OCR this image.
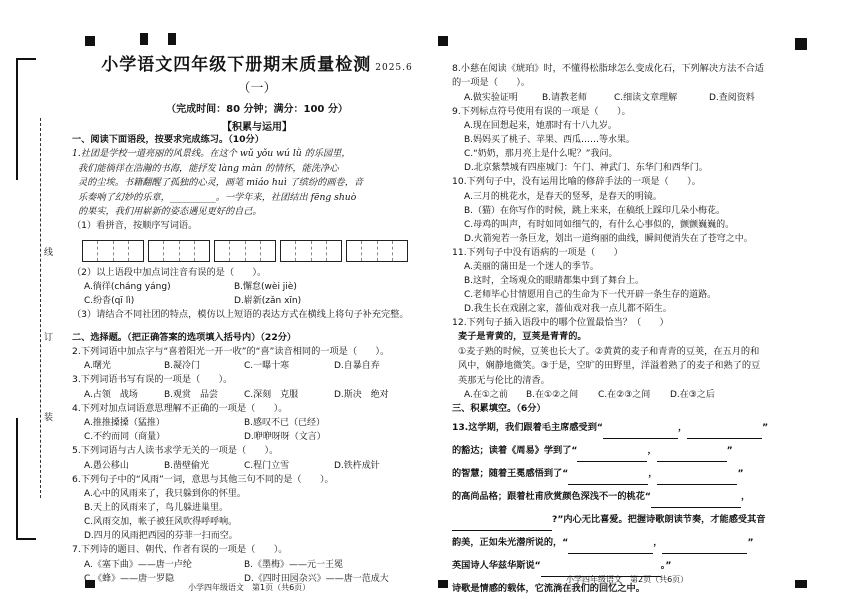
线
订
装
小学语文四年级下册期末质量检测 2025.6
（一）
（完成时间：80 分钟；满分：100 分）
【积累与运用】
一、阅读下面语段，按要求完成练习。（10分）
1.社团是学校一道亮丽的风景线。在这个 wǔ yǒu wú lǜ 的乐园里，
我们能徜徉在浩瀚的书海，能抒发 làng màn 的情怀，能洗净心
灵的尘埃。书籍翻醒了孤独的心灵，画笔 miáo huì 了缤纷的画卷，音
乐奏响了幻妙的乐章，__________。一学年来，社团结出 fēng shuò
的果实，我们用崭新的姿态遇见更好的自己。
（1）看拼音，按顺序写词语。
（2）以上语段中加点词注音有误的是（　　）。
A.徜徉(cháng yáng)	B.懈怠(wèi jiè)
C.纷沓(qī lì)	D.崭新(zǎn xīn)
（3）请结合不同社团的特点，模仿以上短语的表达方式在横线上将句子补充完整。
二、选择题。（把正确答案的选项填入括号内）（22分）
2.下列词语中加点字与“喜着阳光一开一收”的“喜”读音相同的一项是（　　）。
A.曙光	B.凝冷门	C.一曝十寒	D.自暴自弃
3.下列词语书写有误的一项是（　　）。
A.占领　战场	B.观赏　品尝	C.深刻　克服	D.斯决　绝对
4.下列对加点词语意思理解不正确的一项是（　　）。
A.推推搡搡（猛推）	B.感叹不已（已经）
C.不约而同（商量）	D.咿咿呀呀（文言）
5.下列词语与古人读书求学无关的一项是（　　）。
A.愚公移山	B.凿壁偷光	C.程门立雪	D.铁杵成针
6.下列句子中的“风雨”一词，意思与其他三句不同的是（　　）。
A.心中的风雨来了，我只躲到你的怀里。
B.天上的风雨来了，鸟儿躲进巢里。
C.风雨交加，帐子被狂风吹得呼呼响。
D.四月的风雨把西园的芬菲一扫而空。
7.下列诗的题目、朝代、作者有误的一项是（　　）。
A.《塞下曲》——唐一卢纶	B.《墨梅》——元一王冕
C.《蜂》——唐一罗隐	D.《四时田园杂兴》——唐一范成大
小学四年级语文　第1页（共6页）
8.小慈在阅读《琥珀》时，不懂得松脂球怎么变成化石，下列解决方法不合适
的一项是（　　）。
A.做实验证明	B.请教老师	C.细读文章理解	D.查阅资料
9.下列标点符号使用有误的一项是（　　）。
A.现在回想起来，她那时有十八九岁。
B.妈妈买了桃子、苹果、西瓜……等水果。
C.“奶奶，那月亮上是什么呢？”我问。
D.北京紫禁城有四座城门：午门、神武门、东华门和西华门。
10.下列句子中，没有运用比喻的修辞手法的一项是（　　）。
A.三月的桃花水，是春天的竖琴，是春天的明镜。
B.（猫）在你写作的时候，跳上来来，在稿纸上踩印几朵小梅花。
C.母鸡的叫声，有时如同如细气的，有什么心事似的，颤颤巍巍的。
D.火箭宛若一条巨龙，划出一道绚丽的曲线，瞬间便消失在了苍穹之中。
11.下列句子中没有语病的一项是（　　）
A.美丽的蒲田是一个迷人的季节。
B.这时，全场观众的眼睛都集中到了舞台上。
C.老师毕心甘情愿用自己的生命为下一代开辟一条生存的道路。
D.我生长在戏剧之家，蔷仙戏对我一点儿都不陌生。
12.下列句子插入语段中的哪个位置最恰当？（　　）
麦子是青黄的，豆荚是青青的。
①麦子熟的时候，豆荚也长大了。②黄黄的麦子和青青的豆荚，在五月的和
风中，娴静地微笑。③于是，空旷的田野里，洋溢着熟了的麦子和熟了的豆
英那无与伦比的清香。
A.在①之前 B.在①②之间 C.在②③之间 D.在③之后
三、积累填空。（6分）
13.这学期，我们跟着毛主席感受到“	，	”
的豁达；读着《周易》学到了“	，	”
的智慧；随着王冕感悟到了“	，	”
的高尚品格；跟着杜甫欣赏颜色深浅不一的桃花“	，
?”内心无比喜爱。把握诗歌朗读节奏，才能感受其音
韵美，正如朱光潜所说的，“	，	”
英国诗人华兹华斯说“	。”
诗歌是情感的载体，它流淌在我们的回忆之中。
小学四年级语文　第2页（共6页）
